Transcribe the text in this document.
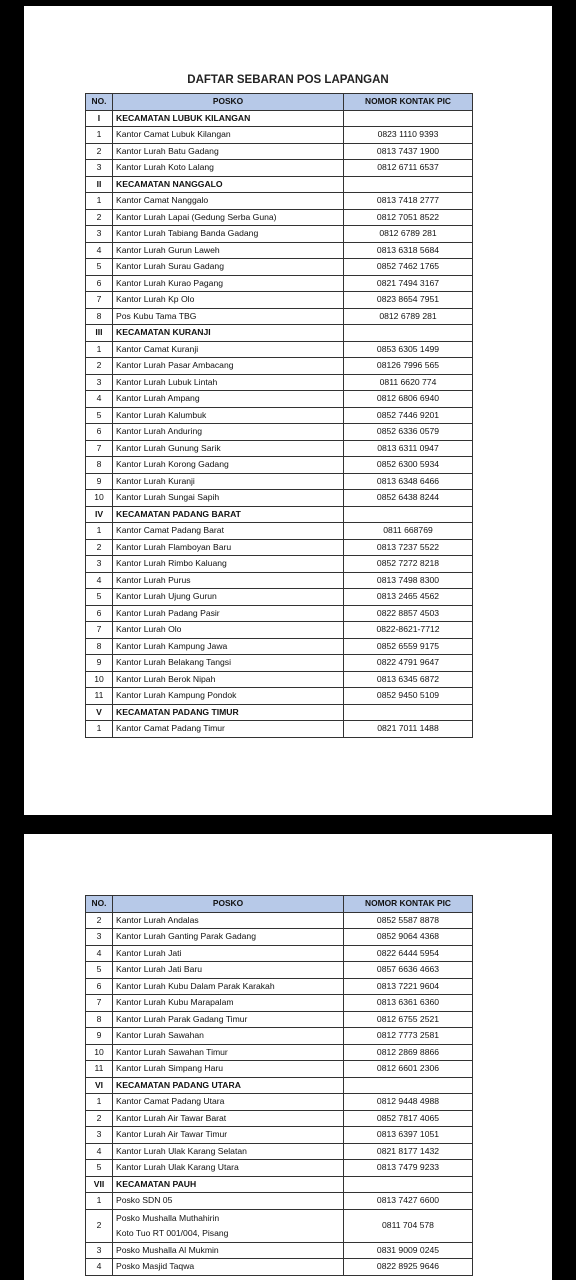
DAFTAR SEBARAN POS LAPANGAN
NO.	POSKO	NOMOR KONTAK PIC
I	KECAMATAN LUBUK KILANGAN	
1	Kantor Camat Lubuk Kilangan	0823 1110 9393
2	Kantor Lurah Batu Gadang	0813 7437 1900
3	Kantor Lurah Koto Lalang	0812 6711 6537
II	KECAMATAN NANGGALO	
1	Kantor Camat Nanggalo	0813 7418 2777
2	Kantor Lurah Lapai (Gedung Serba Guna)	0812 7051 8522
3	Kantor Lurah Tabiang Banda Gadang	0812 6789 281
4	Kantor Lurah Gurun Laweh	0813 6318 5684
5	Kantor Lurah Surau Gadang	0852 7462 1765
6	Kantor Lurah Kurao Pagang	0821 7494 3167
7	Kantor Lurah Kp Olo	0823 8654 7951
8	Pos Kubu Tama TBG	0812 6789 281
III	KECAMATAN KURANJI	
1	Kantor Camat Kuranji	0853 6305 1499
2	Kantor Lurah Pasar Ambacang	08126 7996 565
3	Kantor Lurah Lubuk Lintah	0811 6620 774
4	Kantor Lurah Ampang	0812 6806 6940
5	Kantor Lurah Kalumbuk	0852 7446 9201
6	Kantor Lurah Anduring	0852 6336 0579
7	Kantor Lurah Gunung Sarik	0813 6311 0947
8	Kantor Lurah Korong Gadang	0852 6300 5934
9	Kantor Lurah Kuranji	0813 6348 6466
10	Kantor Lurah Sungai Sapih	0852 6438 8244
IV	KECAMATAN PADANG BARAT	
1	Kantor Camat Padang Barat	0811 668769
2	Kantor Lurah Flamboyan Baru	0813 7237 5522
3	Kantor Lurah Rimbo Kaluang	0852 7272 8218
4	Kantor Lurah Purus	0813 7498 8300
5	Kantor Lurah Ujung Gurun	0813 2465 4562
6	Kantor Lurah Padang Pasir	0822 8857 4503
7	Kantor Lurah Olo	0822-8621-7712
8	Kantor Lurah Kampung Jawa	0852 6559 9175
9	Kantor Lurah Belakang Tangsi	0822 4791 9647
10	Kantor Lurah Berok Nipah	0813 6345 6872
11	Kantor Lurah Kampung Pondok	0852 9450 5109
V	KECAMATAN PADANG TIMUR	
1	Kantor Camat Padang Timur	0821 7011 1488
NO.	POSKO	NOMOR KONTAK PIC
2	Kantor Lurah Andalas	0852 5587 8878
3	Kantor Lurah Ganting Parak Gadang	0852 9064 4368
4	Kantor Lurah Jati	0822 6444 5954
5	Kantor Lurah Jati Baru	0857 6636 4663
6	Kantor Lurah Kubu Dalam Parak Karakah	0813 7221 9604
7	Kantor Lurah Kubu Marapalam	0813 6361 6360
8	Kantor Lurah Parak Gadang Timur	0812 6755 2521
9	Kantor Lurah Sawahan	0812 7773 2581
10	Kantor Lurah Sawahan Timur	0812 2869 8866
11	Kantor Lurah Simpang Haru	0812 6601 2306
VI	KECAMATAN PADANG UTARA	
1	Kantor Camat Padang Utara	0812 9448 4988
2	Kantor Lurah Air Tawar Barat	0852 7817 4065
3	Kantor Lurah Air Tawar Timur	0813 6397 1051
4	Kantor Lurah Ulak Karang Selatan	0821 8177 1432
5	Kantor Lurah Ulak Karang Utara	0813 7479 9233
VII	KECAMATAN PAUH	
1	Posko SDN 05	0813 7427 6600
2	Posko Mushalla Muthahirin
Koto Tuo RT 001/004, Pisang	0811 704 578
3	Posko Mushalla Al Mukmin	0831 9009 0245
4	Posko Masjid Taqwa	0822 8925 9646
